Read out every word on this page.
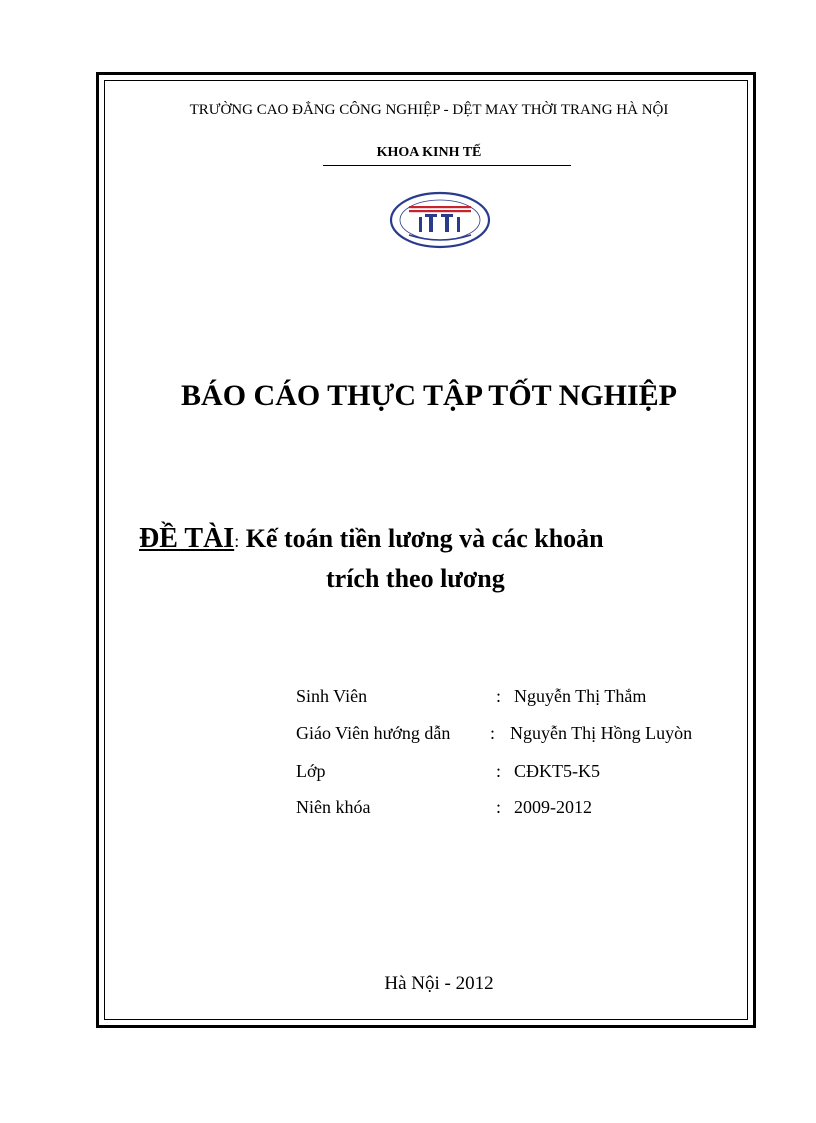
TRƯỜNG CAO ĐẲNG CÔNG NGHIỆP - DỆT MAY THỜI TRANG HÀ NỘI
KHOA KINH TẾ
BÁO CÁO THỰC TẬP TỐT NGHIỆP
ĐỀ TÀI: Kế toán tiền lương và các khoản
trích theo lương
Sinh Viên	: Nguyễn Thị Thắm
Giáo Viên hướng dẫn : Nguyễn Thị Hồng Luyòn
Lớp	: CĐKT5-K5
Niên khóa	: 2009-2012
Hà Nội - 2012
